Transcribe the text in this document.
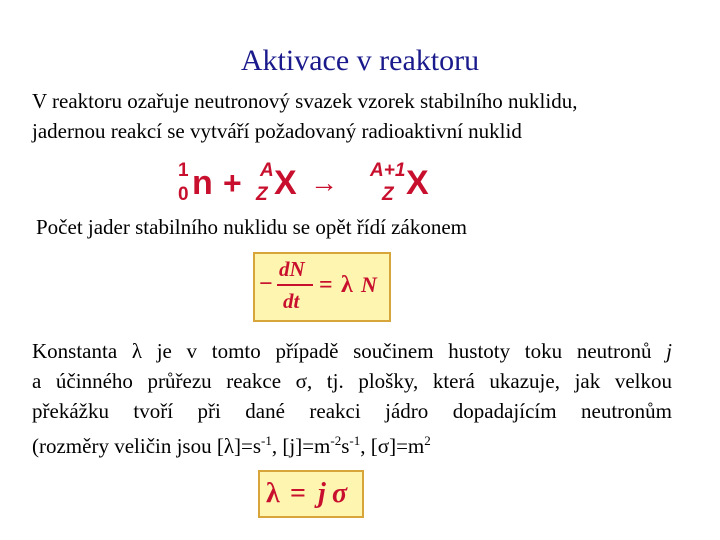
Aktivace v reaktoru
V reaktoru ozařuje neutronový svazek vzorek stabilního nuklidu,
jadernou reakcí se vytváří požadovaný radioaktivní nuklid
1
0 n + A
Z X → A+1
Z X
Počet jader stabilního nuklidu se opět řídí zákonem
−
dN
dt
= λ N
Konstanta λ je v tomto případě součinem hustoty toku neutronů j
a účinného průřezu reakce σ, tj. plošky, která ukazuje, jak velkou
překážku tvoří při dané reakci jádro dopadajícím neutronům
(rozměry veličin jsou $[\lambda]=s^{-1}$, $[j]=m^{-2}s^{-1}$, $[\sigma]=m^2$
λ = j σ
